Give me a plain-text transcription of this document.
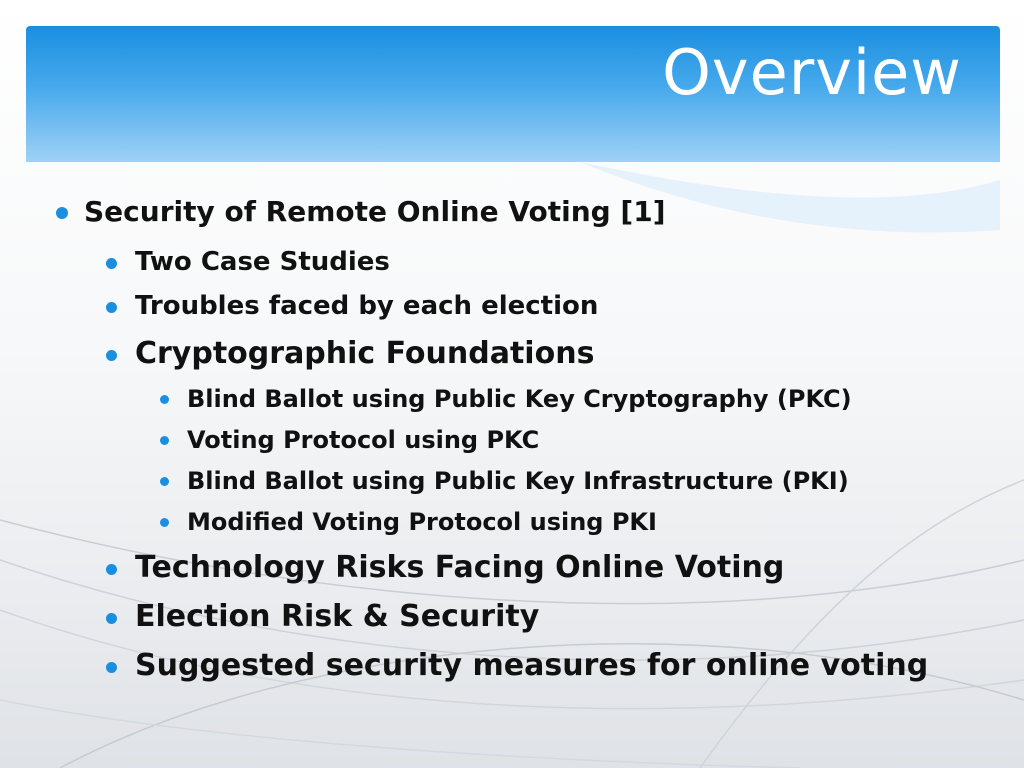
Overview
Security of Remote Online Voting [1]
Two Case Studies
Troubles faced by each election
Cryptographic Foundations
Blind Ballot using Public Key Cryptography (PKC)
Voting Protocol using PKC
Blind Ballot using Public Key Infrastructure (PKI)
Modified Voting Protocol using PKI
Technology Risks Facing Online Voting
Election Risk & Security
Suggested security measures for online voting
